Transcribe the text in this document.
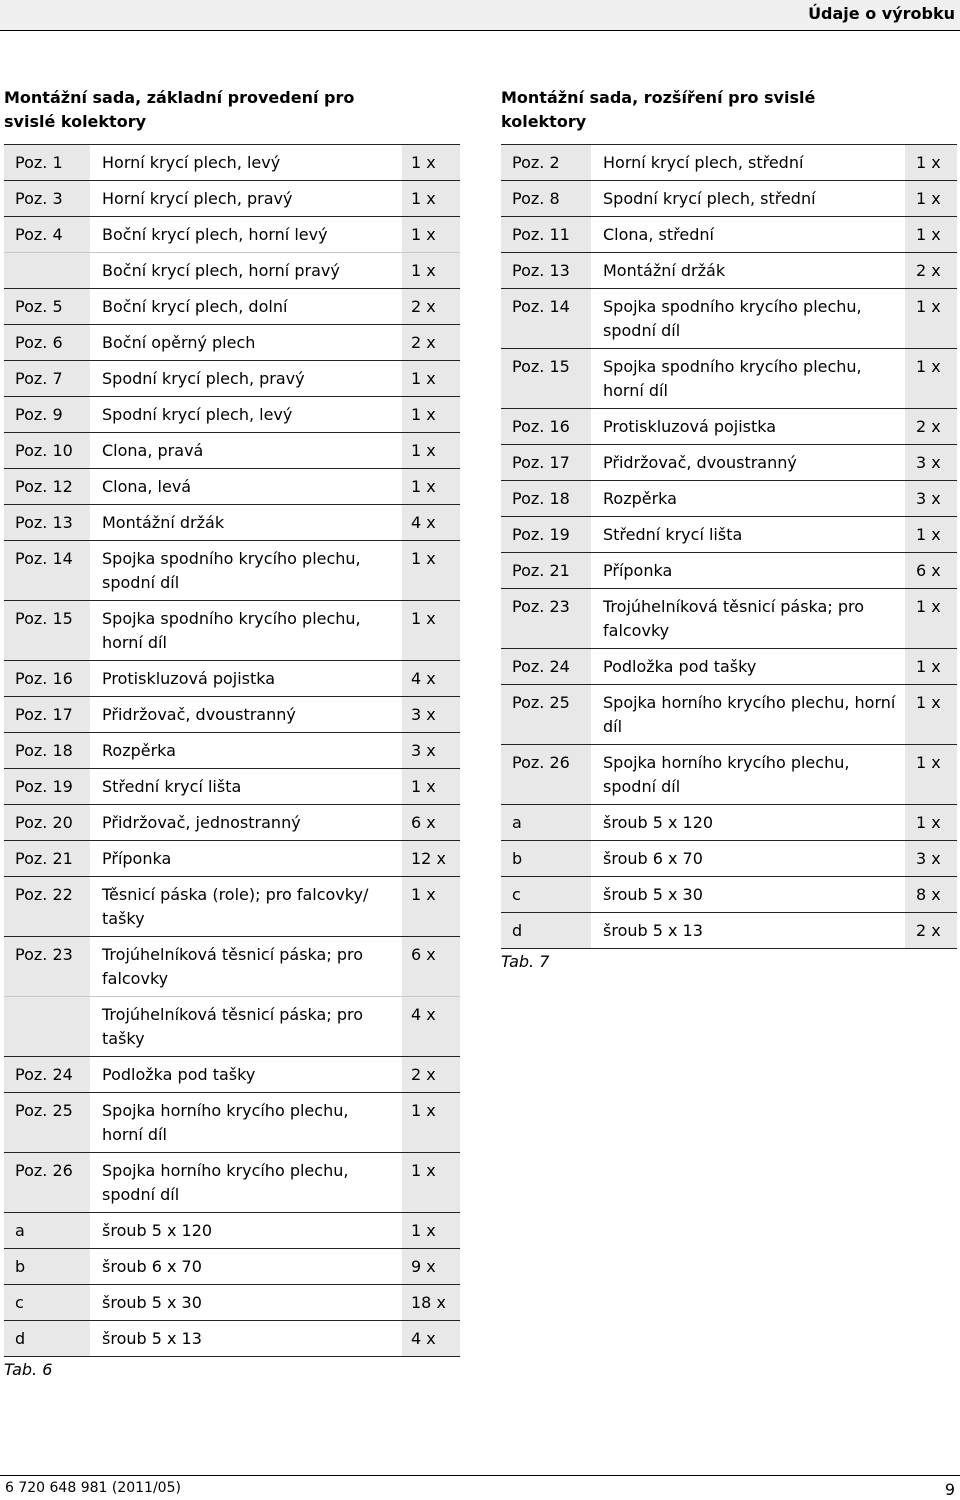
Údaje o výrobku
Montážní sada, základní provedení pro
svislé kolektory
Poz. 1	Horní krycí plech, levý	1 x
Poz. 3	Horní krycí plech, pravý	1 x
Poz. 4	Boční krycí plech, horní levý	1 x
	Boční krycí plech, horní pravý	1 x
Poz. 5	Boční krycí plech, dolní	2 x
Poz. 6	Boční opěrný plech	2 x
Poz. 7	Spodní krycí plech, pravý	1 x
Poz. 9	Spodní krycí plech, levý	1 x
Poz. 10	Clona, pravá	1 x
Poz. 12	Clona, levá	1 x
Poz. 13	Montážní držák	4 x
Poz. 14	Spojka spodního krycího plechu, spodní díl	1 x
Poz. 15	Spojka spodního krycího plechu, horní díl	1 x
Poz. 16	Protiskluzová pojistka	4 x
Poz. 17	Přidržovač, dvoustranný	3 x
Poz. 18	Rozpěrka	3 x
Poz. 19	Střední krycí lišta	1 x
Poz. 20	Přidržovač, jednostranný	6 x
Poz. 21	Příponka	12 x
Poz. 22	Těsnicí páska (role); pro falcovky/ tašky	1 x
Poz. 23	Trojúhelníková těsnicí páska; pro falcovky	6 x
	Trojúhelníková těsnicí páska; pro tašky	4 x
Poz. 24	Podložka pod tašky	2 x
Poz. 25	Spojka horního krycího plechu, horní díl	1 x
Poz. 26	Spojka horního krycího plechu, spodní díl	1 x
a	šroub 5 x 120	1 x
b	šroub 6 x 70	9 x
c	šroub 5 x 30	18 x
d	šroub 5 x 13	4 x
Tab. 6
Montážní sada, rozšíření pro svislé
kolektory
Poz. 2	Horní krycí plech, střední	1 x
Poz. 8	Spodní krycí plech, střední	1 x
Poz. 11	Clona, střední	1 x
Poz. 13	Montážní držák	2 x
Poz. 14	Spojka spodního krycího plechu, spodní díl	1 x
Poz. 15	Spojka spodního krycího plechu, horní díl	1 x
Poz. 16	Protiskluzová pojistka	2 x
Poz. 17	Přidržovač, dvoustranný	3 x
Poz. 18	Rozpěrka	3 x
Poz. 19	Střední krycí lišta	1 x
Poz. 21	Příponka	6 x
Poz. 23	Trojúhelníková těsnicí páska; pro falcovky	1 x
Poz. 24	Podložka pod tašky	1 x
Poz. 25	Spojka horního krycího plechu, horní díl	1 x
Poz. 26	Spojka horního krycího plechu, spodní díl	1 x
a	šroub 5 x 120	1 x
b	šroub 6 x 70	3 x
c	šroub 5 x 30	8 x
d	šroub 5 x 13	2 x
Tab. 7
6 720 648 981 (2011/05)	9
